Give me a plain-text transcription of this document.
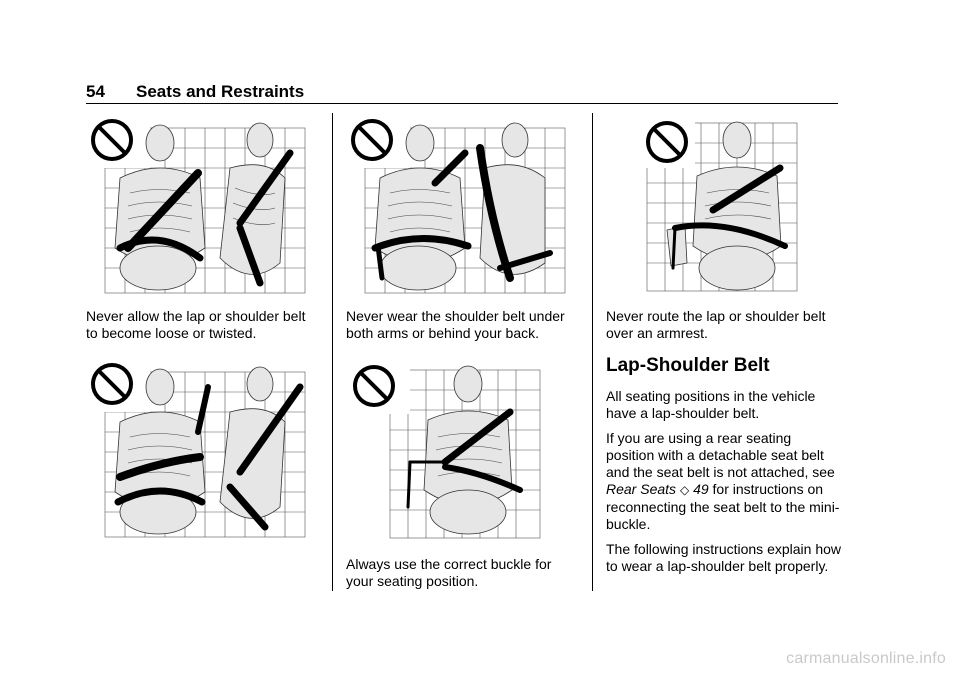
54 Seats and Restraints
Never allow the lap or shoulder belt to become loose or twisted.
Never wear the shoulder belt under both arms or behind your back.
Always use the correct buckle for your seating position.
Never route the lap or shoulder belt over an armrest.
Lap-Shoulder Belt

All seating positions in the vehicle have a lap-shoulder belt.

If you are using a rear seating position with a detachable seat belt and the seat belt is not attached, see Rear Seats ◇ 49 for instructions on reconnecting the seat belt to the mini-buckle.

The following instructions explain how to wear a lap-shoulder belt properly.

carmanualsonline.info
